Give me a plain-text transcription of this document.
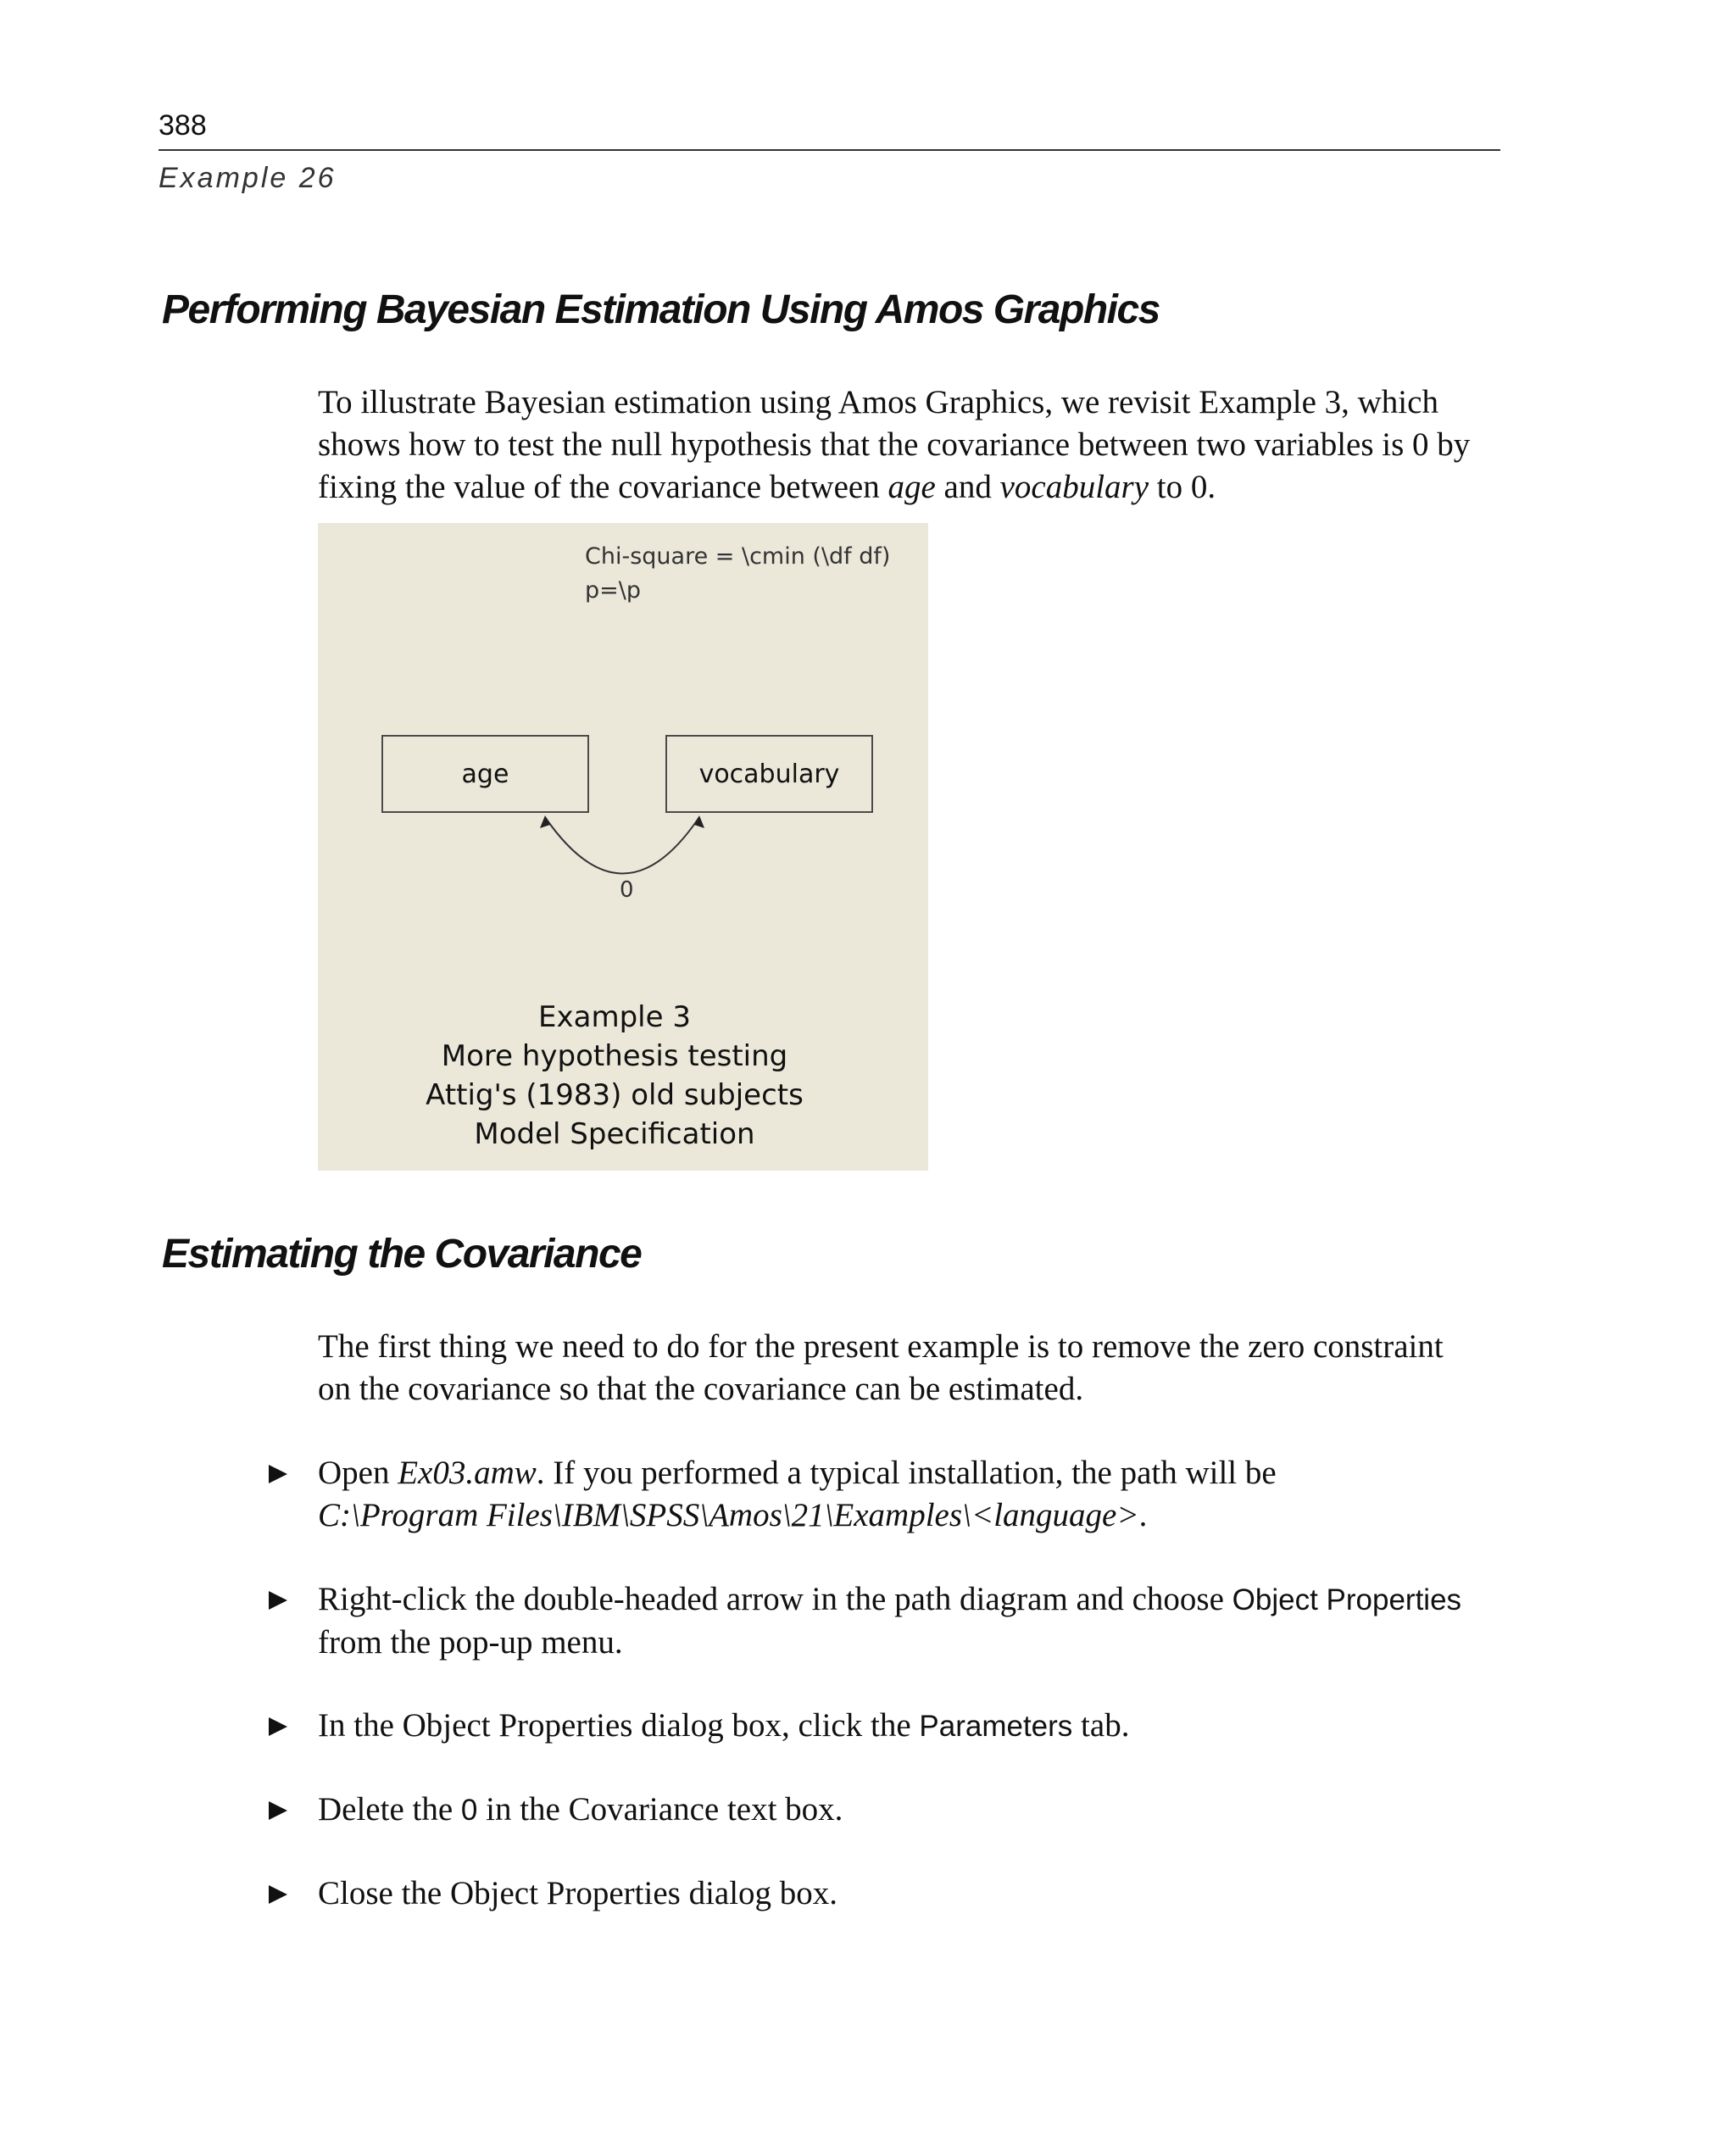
388
Example 26
Performing Bayesian Estimation Using Amos Graphics

To illustrate Bayesian estimation using Amos Graphics, we revisit Example 3, which

shows how to test the null hypothesis that the covariance between two variables is 0 by

fixing the value of the covariance between age and vocabulary to 0.

Chi-square = \cmin (\df df)
p=\p
age	vocabulary
0
Example 3
More hypothesis testing
Attig's (1983) old subjects
Model Specification
Estimating the Covariance

The first thing we need to do for the present example is to remove the zero constraint

on the covariance so that the covariance can be estimated.

Open Ex03.amw. If you performed a typical installation, the path will be

C:\Program Files\IBM\SPSS\Amos\21\Examples\<language>.

Right-click the double-headed arrow in the path diagram and choose Object Properties

from the pop-up menu.

In the Object Properties dialog box, click the Parameters tab.

Delete the 0 in the Covariance text box.

Close the Object Properties dialog box.
